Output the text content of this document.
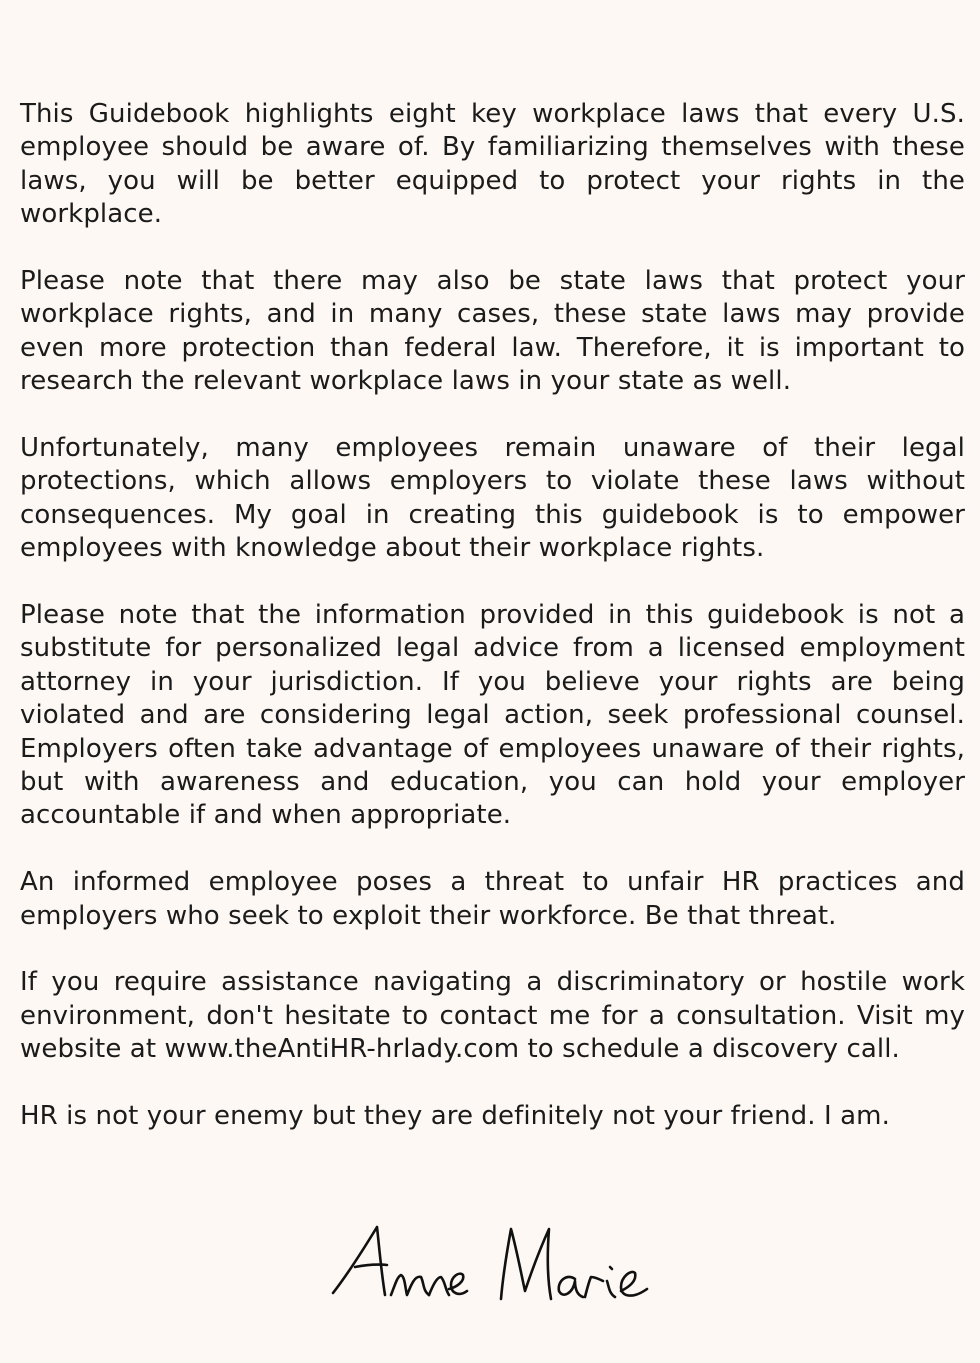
This Guidebook highlights eight key workplace laws that every U.S. employee should be aware of. By familiarizing themselves with these laws, you will be better equipped to protect your rights in the workplace.

Please note that there may also be state laws that protect your workplace rights, and in many cases, these state laws may provide even more protection than federal law. Therefore, it is important to research the relevant workplace laws in your state as well.

Unfortunately, many employees remain unaware of their legal protections, which allows employers to violate these laws without consequences. My goal in creating this guidebook is to empower employees with knowledge about their workplace rights.

Please note that the information provided in this guidebook is not a substitute for personalized legal advice from a licensed employment attorney in your jurisdiction. If you believe your rights are being violated and are considering legal action, seek professional counsel. Employers often take advantage of employees unaware of their rights, but with awareness and education, you can hold your employer accountable if and when appropriate.

An informed employee poses a threat to unfair HR practices and employers who seek to exploit their workforce. Be that threat.

If you require assistance navigating a discriminatory or hostile work environment, don't hesitate to contact me for a consultation. Visit my website at www.theAntiHR-hrlady.com to schedule a discovery call.

HR is not your enemy but they are definitely not your friend. I am.
